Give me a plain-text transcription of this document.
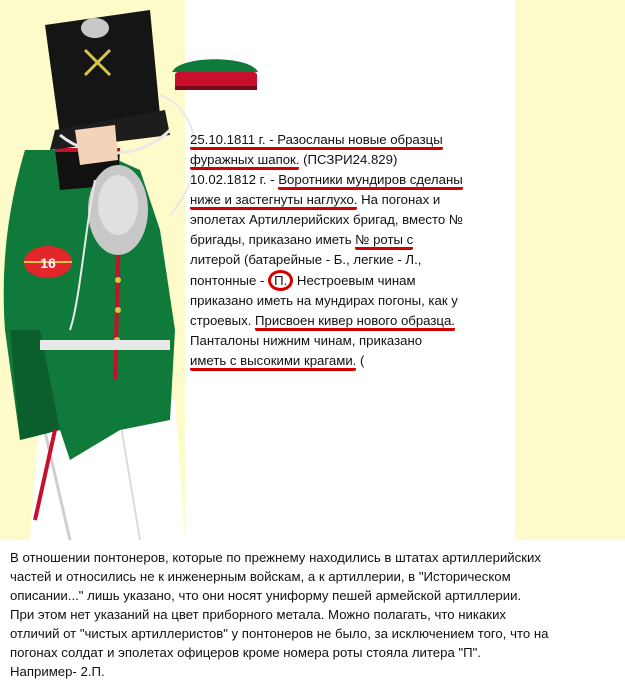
16
25.10.1811 г. - Разосланы новые образцы
фуражных шапок. (ПСЗРИ24.829)
10.02.1812 г. - Воротники мундиров сделаны
ниже и застегнуты наглухо. На погонах и
эполетах Артиллерийских бригад, вместо №
бригады, приказано иметь № роты с
литерой (батарейные - Б., легкие - Л.,
понтонные - П. Нестроевым чинам
приказано иметь на мундирах погоны, как у
строевых. Присвоен кивер нового образца.
Панталоны нижним чинам, приказано
иметь с высокими крагами. (
В отношении понтонеров, которые по прежнему находились в штатах артиллерийских
частей и относились не к инженерным войскам, а к артиллерии, в "Историческом
описании..." лишь указано, что они носят униформу пешей армейской артиллерии.
При этом нет указаний на цвет приборного метала. Можно полагать, что никаких
отличий от "чистых артиллеристов" у понтонеров не было, за исключением того, что на
погонах солдат и эполетах офицеров кроме номера роты стояла литера "П".
Например- 2.П.
